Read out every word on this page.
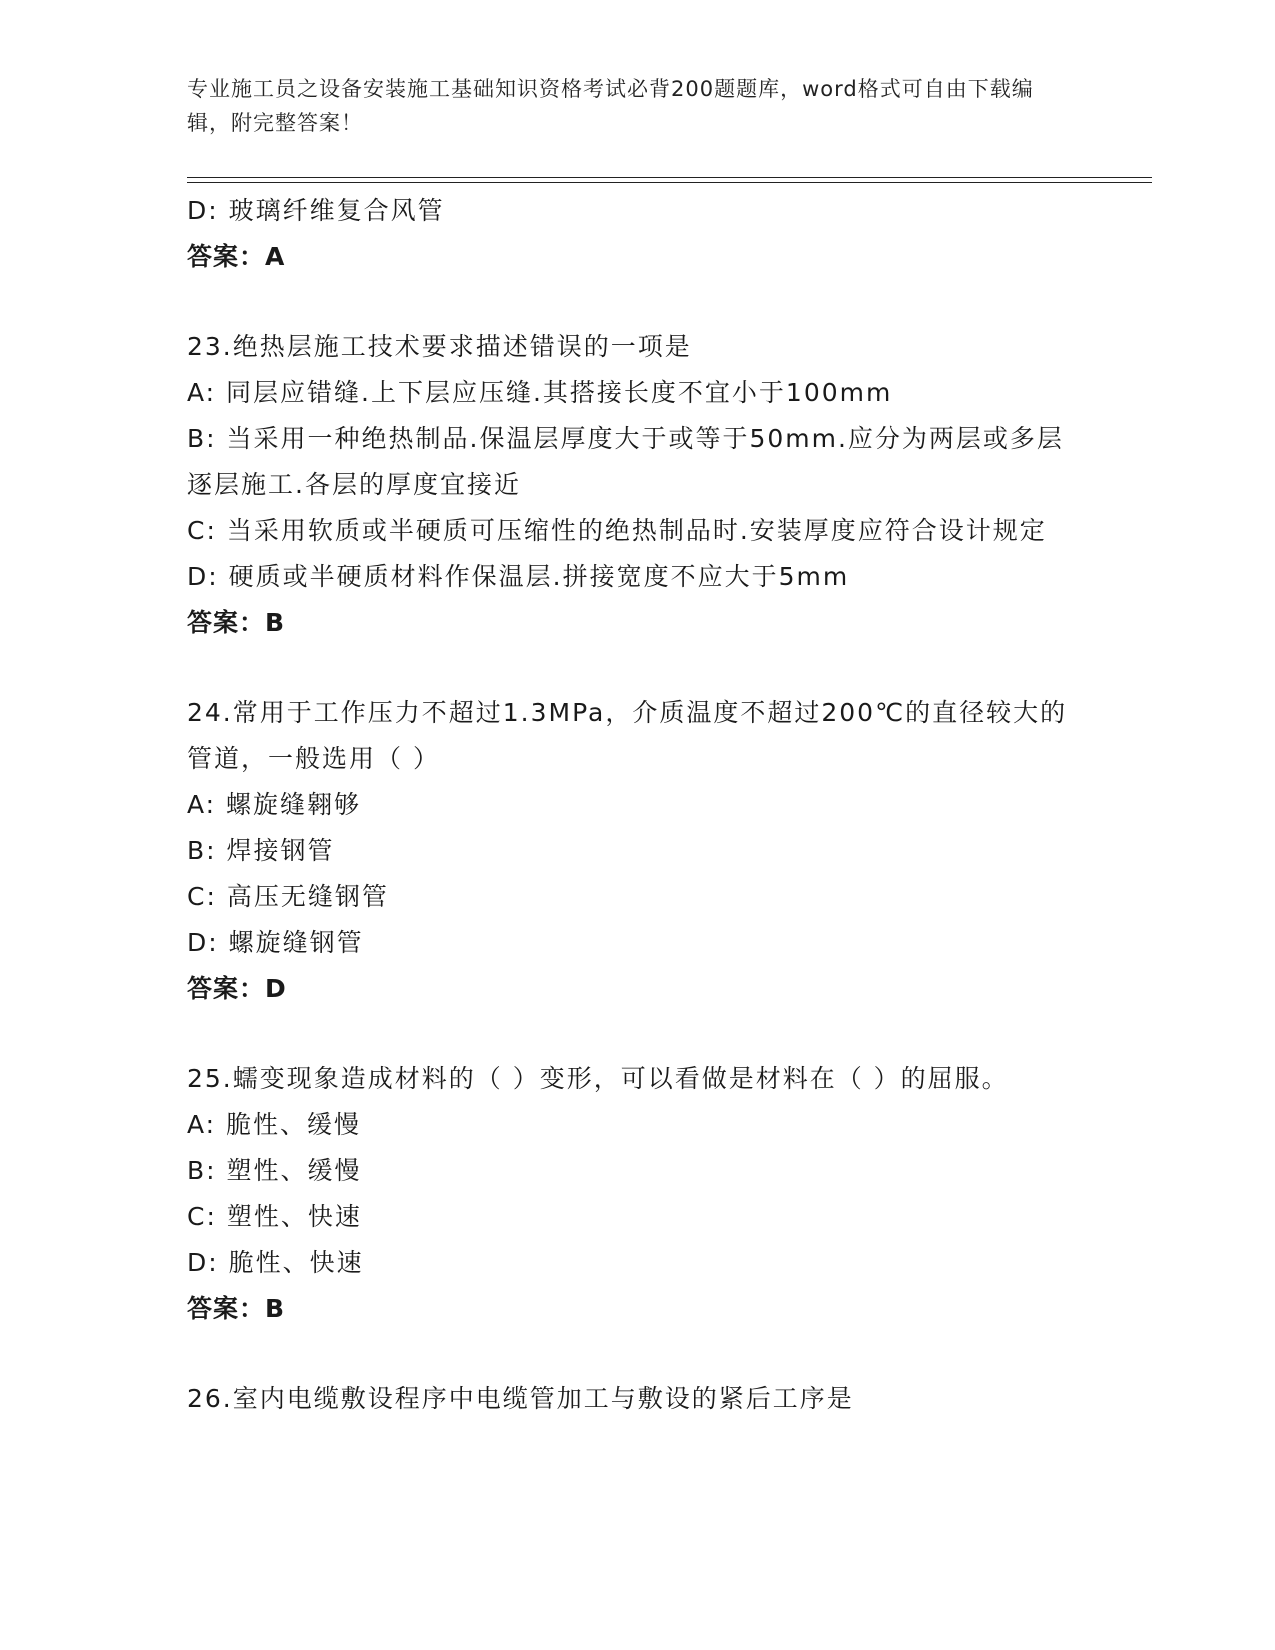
专业施工员之设备安装施工基础知识资格考试必背200题题库，word格式可自由下载编辑，附完整答案！

D: 玻璃纤维复合风管

答案：A

23.绝热层施工技术要求描述错误的一项是

A: 同层应错缝.上下层应压缝.其搭接长度不宜小于100mm

B: 当采用一种绝热制品.保温层厚度大于或等于50mm.应分为两层或多层逐层施工.各层的厚度宜接近

C: 当采用软质或半硬质可压缩性的绝热制品时.安装厚度应符合设计规定

D: 硬质或半硬质材料作保温层.拼接宽度不应大于5mm

答案：B

24.常用于工作压力不超过1.3MPa，介质温度不超过200℃的直径较大的管道，一般选用（ ）

A: 螺旋缝翱够

B: 焊接钢管

C: 高压无缝钢管

D: 螺旋缝钢管

答案：D

25.蠕变现象造成材料的（ ）变形，可以看做是材料在（ ）的屈服。

A: 脆性、缓慢

B: 塑性、缓慢

C: 塑性、快速

D: 脆性、快速

答案：B

26.室内电缆敷设程序中电缆管加工与敷设的紧后工序是
